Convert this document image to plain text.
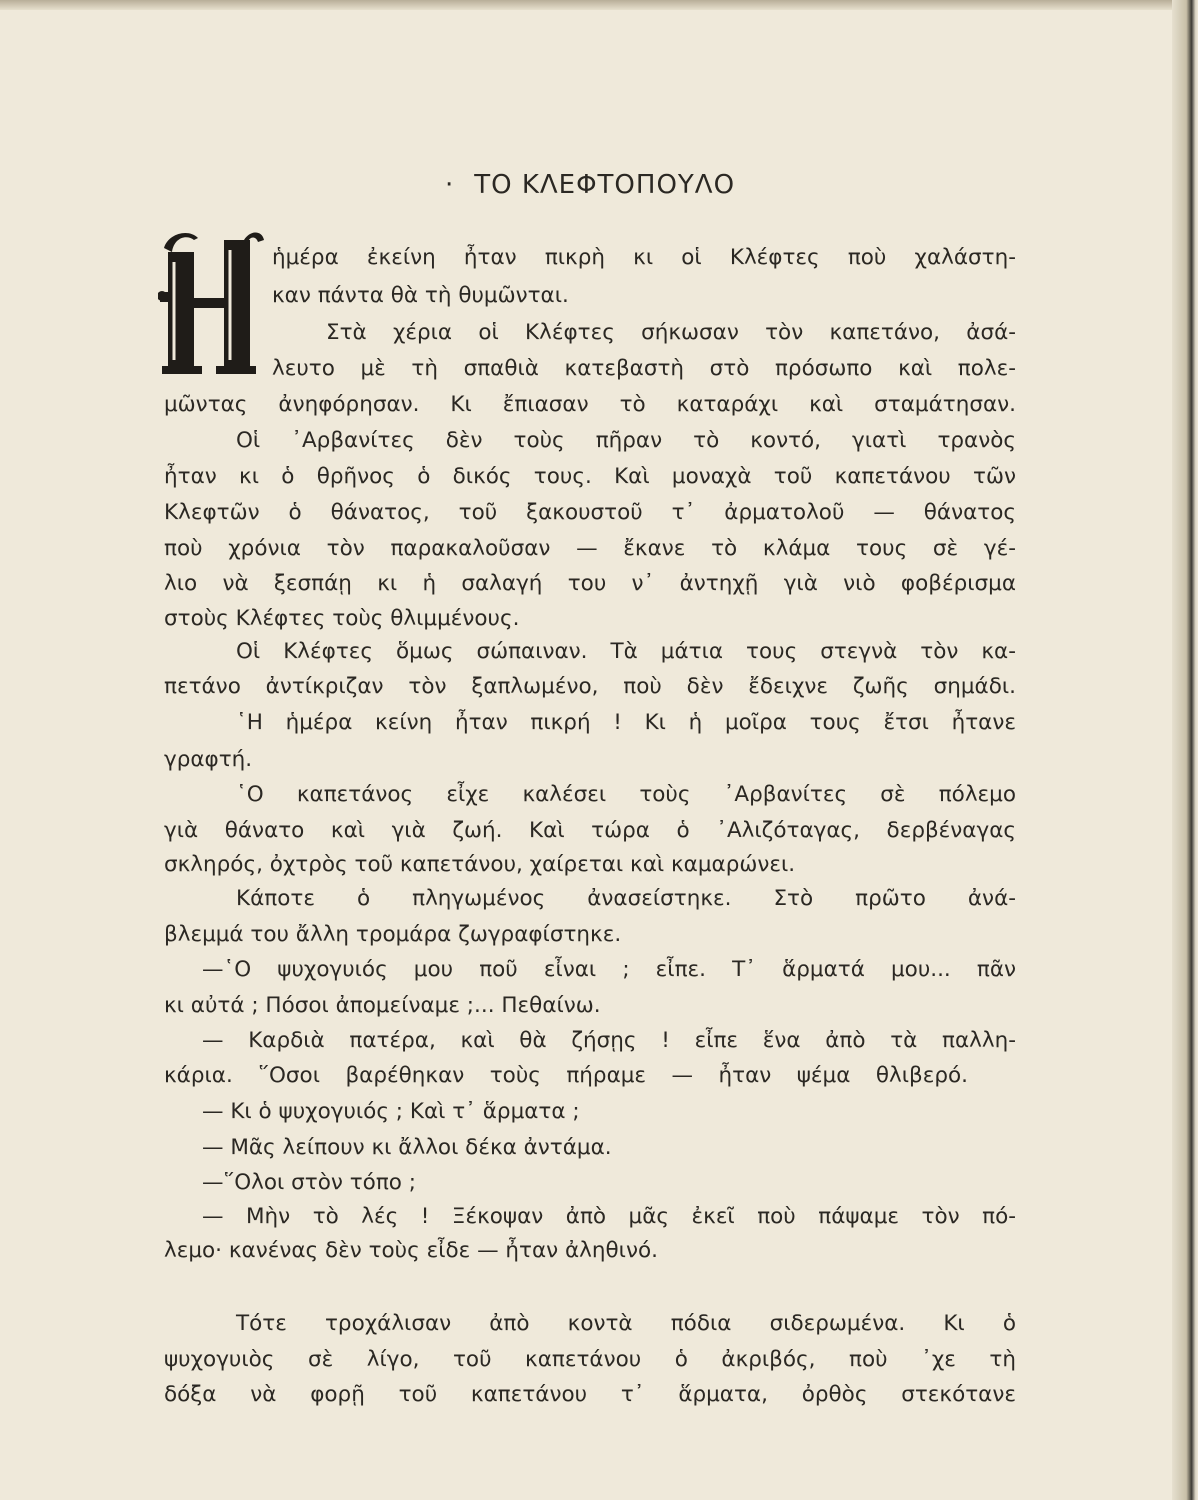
· ΤΟ ΚΛΕΦΤΟΠΟΥΛΟ
ἡμέρα ἐκείνη ἦταν πικρὴ κι οἱ Κλέφτες ποὺ χαλάστη-
καν πάντα θὰ τὴ θυμῶνται.
Στὰ χέρια οἱ Κλέφτες σήκωσαν τὸν καπετάνο, ἀσά-
λευτο μὲ τὴ σπαθιὰ κατεβαστὴ στὸ πρόσωπο καὶ πολε-
μῶντας ἀνηφόρησαν. Κι ἔπιασαν τὸ καταράχι καὶ σταμάτησαν.
Οἱ ᾿Αρβανίτες δὲν τοὺς πῆραν τὸ κοντό, γιατὶ τρανὸς
ἦταν κι ὁ θρῆνος ὁ δικός τους. Καὶ μοναχὰ τοῦ καπετάνου τῶν
Κλεφτῶν ὁ θάνατος, τοῦ ξακουστοῦ τ᾿ ἀρματολοῦ — θάνατος
ποὺ χρόνια τὸν παρακαλοῦσαν — ἔκανε τὸ κλάμα τους σὲ γέ-
λιο νὰ ξεσπάῃ κι ἡ σαλαγή του ν᾿ ἀντηχῇ γιὰ νιὸ φοβέρισμα
στοὺς Κλέφτες τοὺς θλιμμένους.
Οἱ Κλέφτες ὅμως σώπαιναν. Τὰ μάτια τους στεγνὰ τὸν κα-
πετάνο ἀντίκριζαν τὸν ξαπλωμένο, ποὺ δὲν ἔδειχνε ζωῆς σημάδι.
῾Η ἡμέρα κείνη ἦταν πικρή ! Κι ἡ μοῖρα τους ἔτσι ἦτανε
γραφτή.
῾Ο καπετάνος εἶχε καλέσει τοὺς ᾿Αρβανίτες σὲ πόλεμο
γιὰ θάνατο καὶ γιὰ ζωή. Καὶ τώρα ὁ ᾿Αλιζόταγας, δερβέναγας
σκληρός, ὀχτρὸς τοῦ καπετάνου, χαίρεται καὶ καμαρώνει.
Κάποτε ὁ πληγωμένος ἀνασείστηκε. Στὸ πρῶτο ἀνά-
βλεμμά του ἄλλη τρομάρα ζωγραφίστηκε.
—῾Ο ψυχογυιός μου ποῦ εἶναι ; εἶπε. Τ᾿ ἅρματά μου... πᾶν
κι αὐτά ; Πόσοι ἀπομείναμε ;... Πεθαίνω.
— Καρδιὰ πατέρα, καὶ θὰ ζήσῃς ! εἶπε ἕνα ἀπὸ τὰ παλλη-
κάρια. ῞Οσοι βαρέθηκαν τοὺς πήραμε — ἦταν ψέμα θλιβερό.
— Κι ὁ ψυχογυιός ; Καὶ τ᾿ ἅρματα ;
— Μᾶς λείπουν κι ἄλλοι δέκα ἀντάμα.
—῞Ολοι στὸν τόπο ;
— Μὴν τὸ λές ! Ξέκοψαν ἀπὸ μᾶς ἐκεῖ ποὺ πάψαμε τὸν πό-
λεμο· κανένας δὲν τοὺς εἶδε — ἦταν ἀληθινό.
Τότε τροχάλισαν ἀπὸ κοντὰ πόδια σιδερωμένα. Κι ὁ
ψυχογυιὸς σὲ λίγο, τοῦ καπετάνου ὁ ἀκριβός, ποὺ ᾿χε τὴ
δόξα νὰ φορῇ τοῦ καπετάνου τ᾿ ἅρματα, ὀρθὸς στεκότανε
